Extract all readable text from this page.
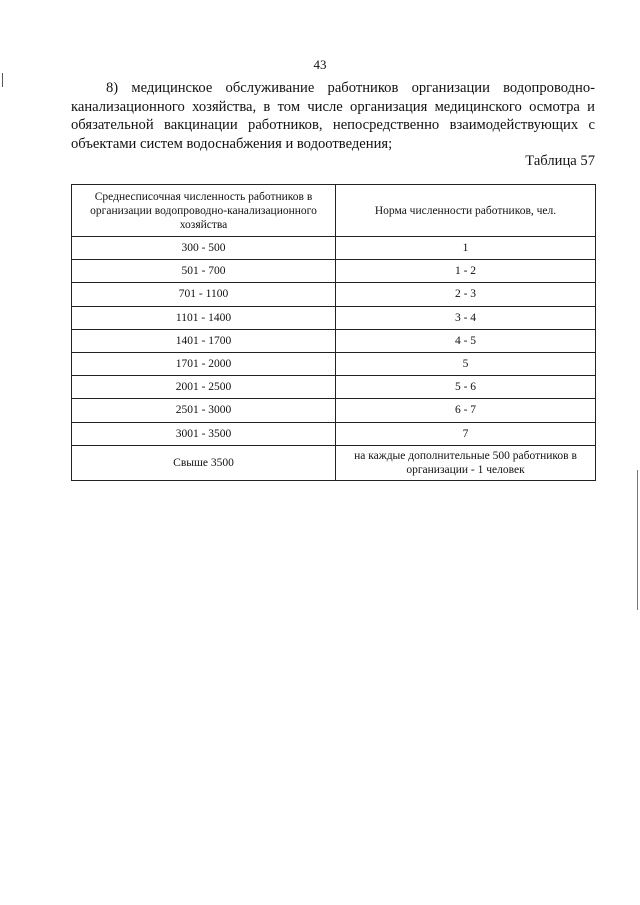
43
8) медицинское обслуживание работников организации водопроводно-
канализационного хозяйства, в том числе организация медицинского осмотра и
обязательной вакцинации работников, непосредственно взаимодействующих с
объектами систем водоснабжения и водоотведения;
Таблица 57
Среднесписочная численность работников в организации водопроводно-канализационного хозяйства	Норма численности работников, чел.
300 - 500	1
501 - 700	1 - 2
701 - 1100	2 - 3
1101 - 1400	3 - 4
1401 - 1700	4 - 5
1701 - 2000	5
2001 - 2500	5 - 6
2501 - 3000	6 - 7
3001 - 3500	7
Свыше 3500	на каждые дополнительные 500 работников в организации - 1 человек
